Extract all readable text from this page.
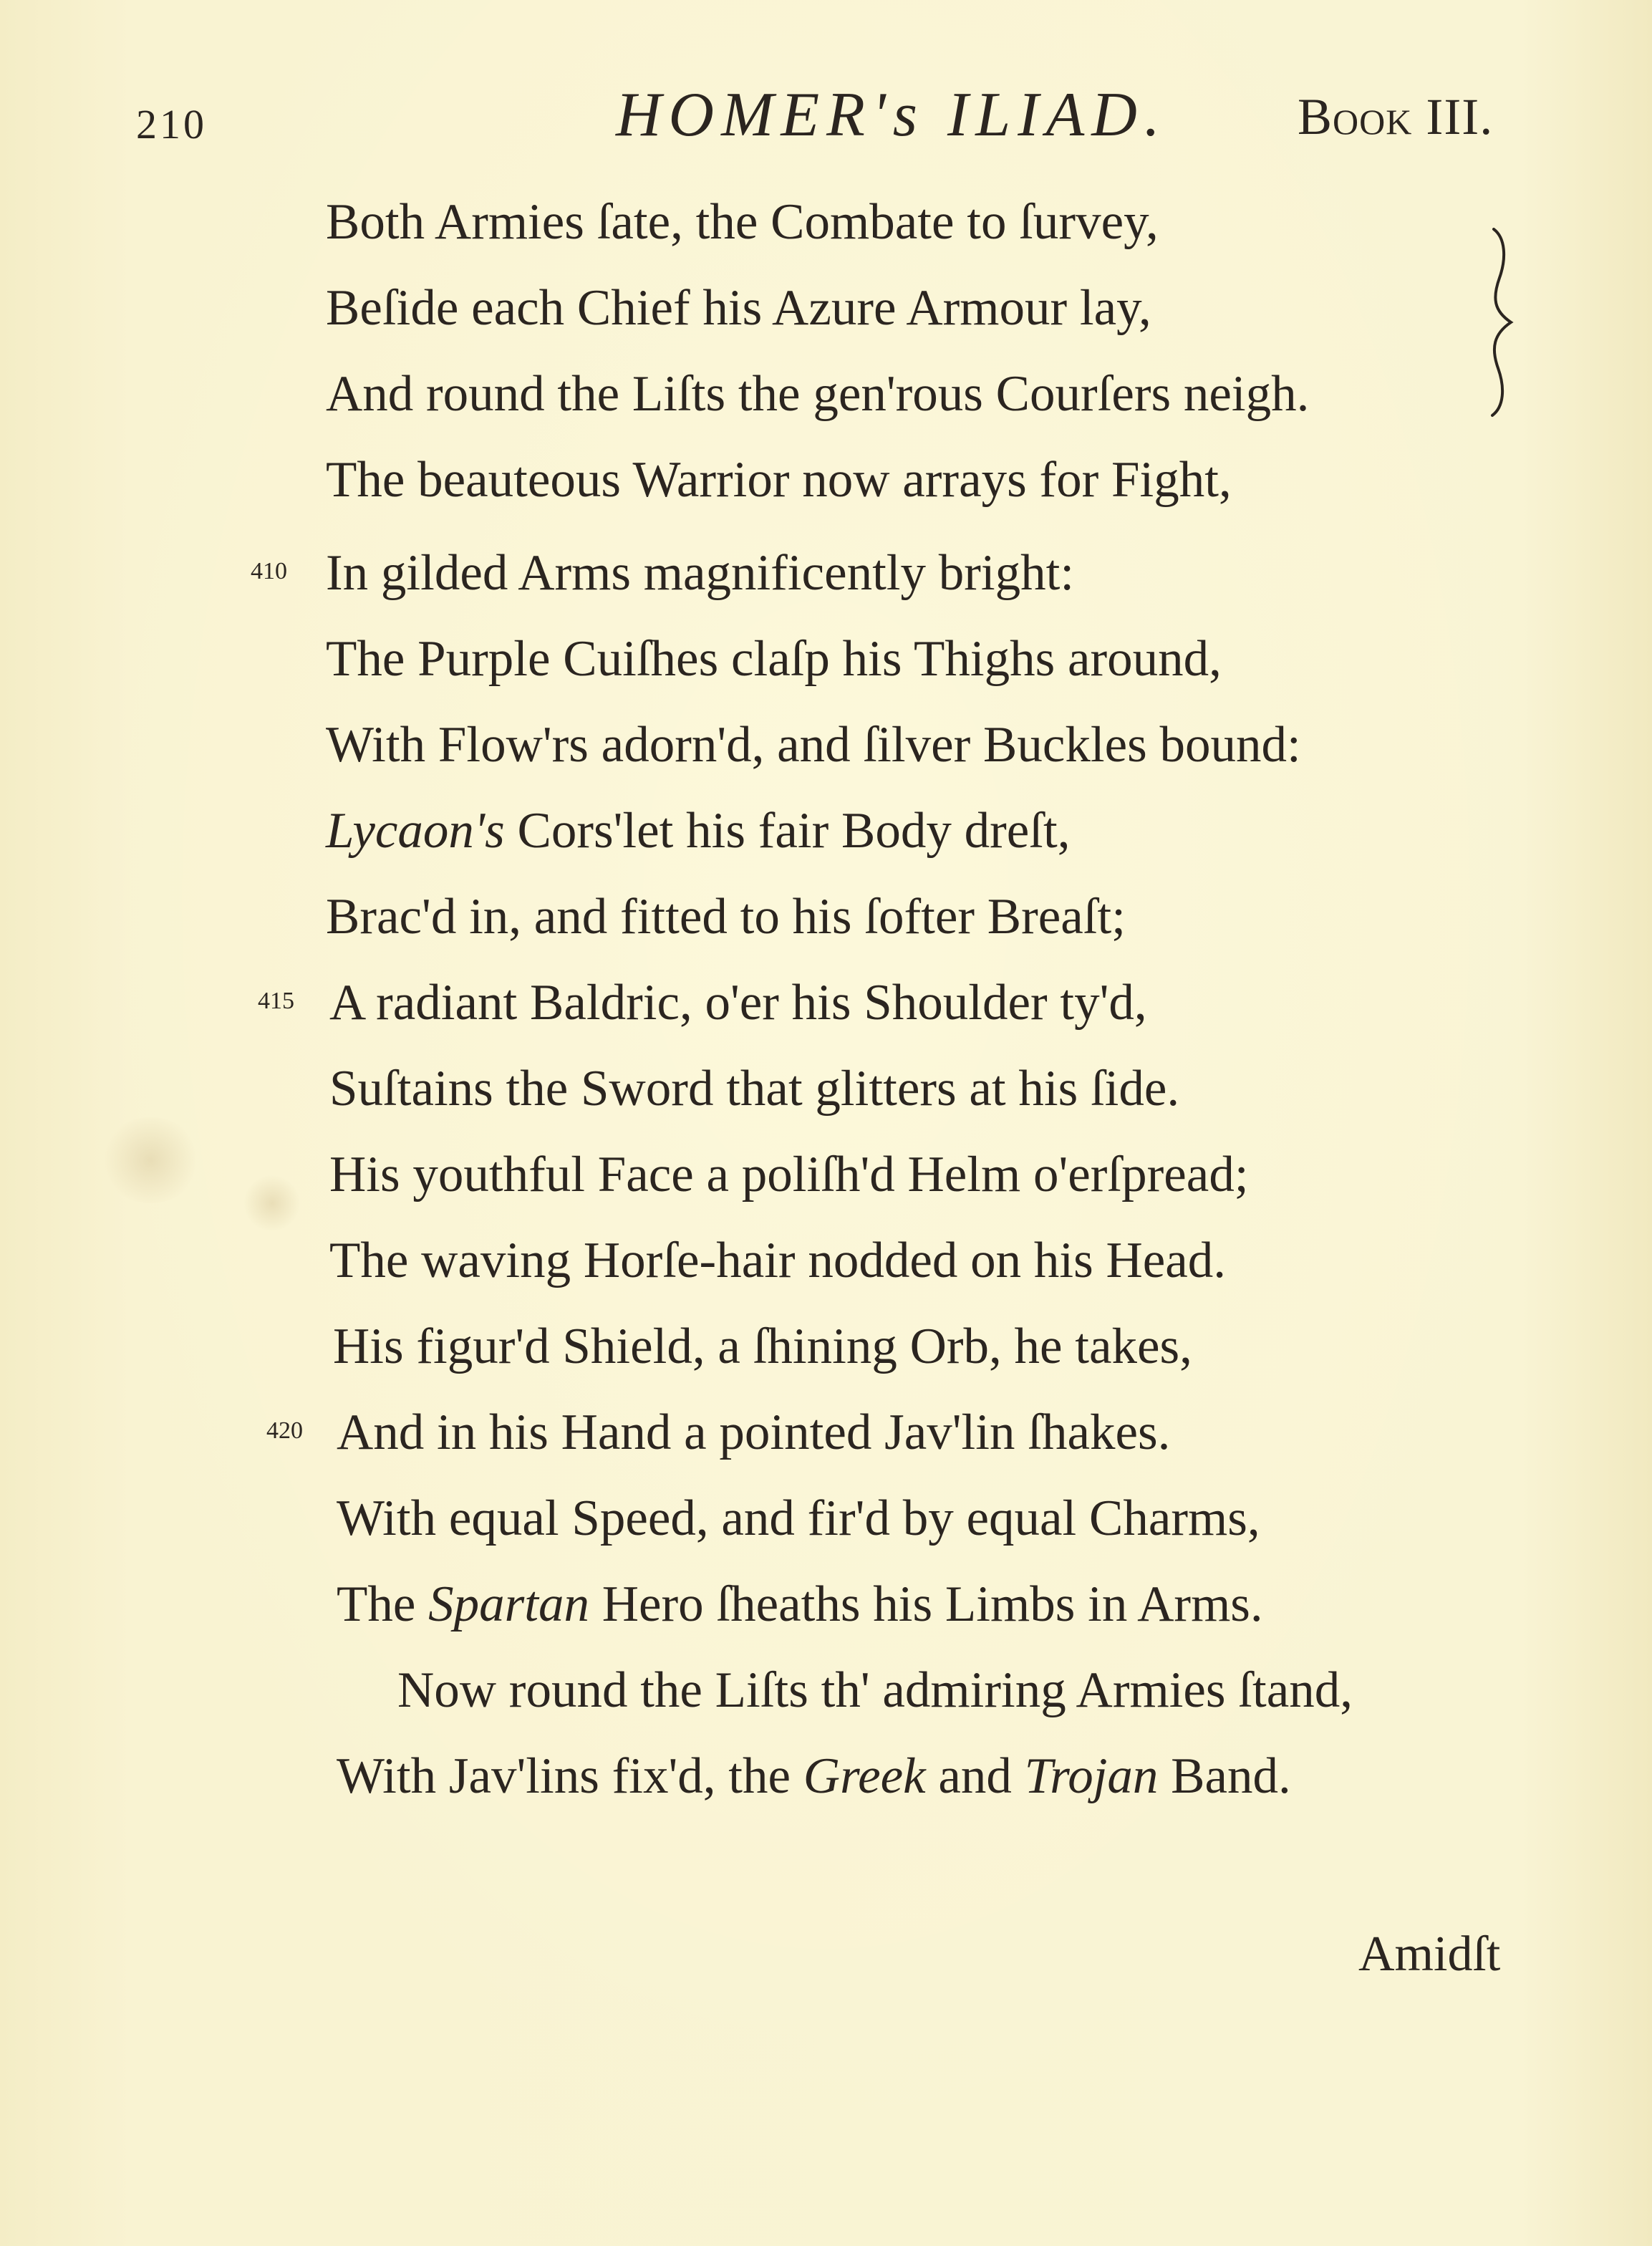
210	HOMER's ILIAD.	Book III.
Both Armies ſate, the Combate to ſurvey,
Beſide each Chief his Azure Armour lay,
And round the Liſts the gen'rous Courſers neigh.
The beauteous Warrior now arrays for Fight,
410 In gilded Arms magnificently bright:
The Purple Cuiſhes claſp his Thighs around,
With Flow'rs adorn'd, and ſilver Buckles bound:
Lycaon's Cors'let his fair Body dreſt,
Brac'd in, and fitted to his ſofter Breaſt;
415 A radiant Baldric, o'er his Shoulder ty'd,
Suſtains the Sword that glitters at his ſide.
His youthful Face a poliſh'd Helm o'erſpread;
The waving Horſe-hair nodded on his Head.
His figur'd Shield, a ſhining Orb, he takes,
420 And in his Hand a pointed Jav'lin ſhakes.
With equal Speed, and fir'd by equal Charms,
The Spartan Hero ſheaths his Limbs in Arms.
Now round the Liſts th' admiring Armies ſtand,
With Jav'lins fix'd, the Greek and Trojan Band.
Amidſt
